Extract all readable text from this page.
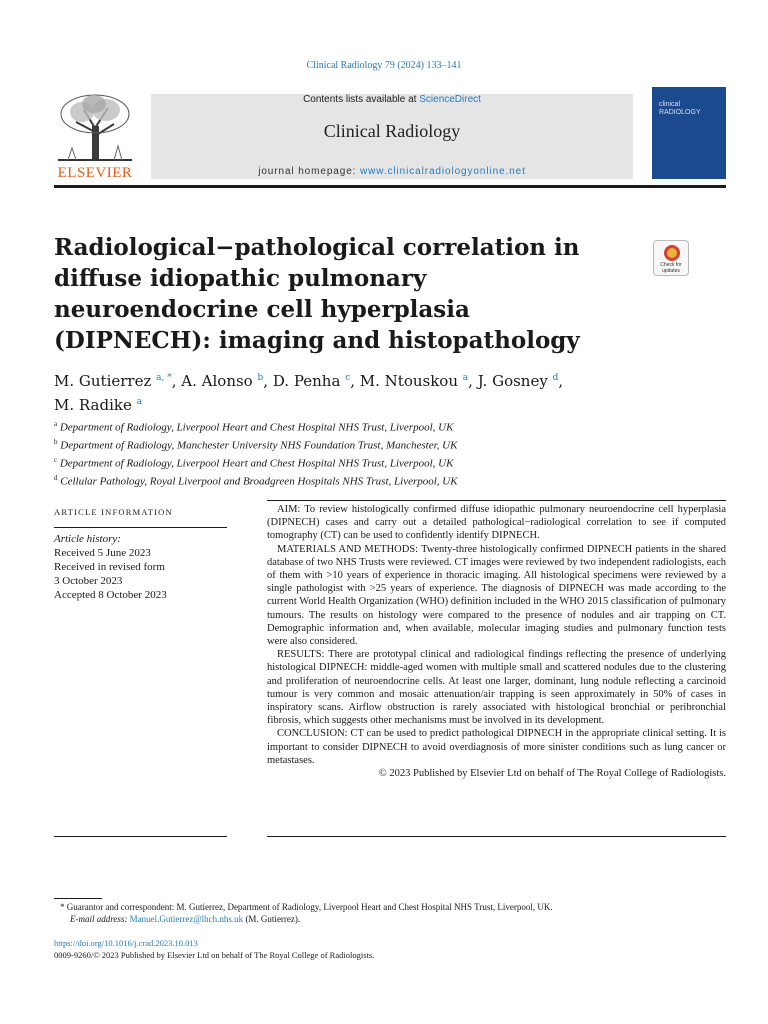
Clinical Radiology 79 (2024) 133–141
ELSEVIER
Contents lists available at ScienceDirect
Clinical Radiology
journal homepage: www.clinicalradiologyonline.net
clinical
RADIOLOGY
Radiological−pathological correlation in diffuse idiopathic pulmonary neuroendocrine cell hyperplasia (DIPNECH): imaging and histopathology
Check for updates
M. Gutierrez $^{a, *}$, A. Alonso $^b$, D. Penha $^c$, M. Ntouskou $^a$, J. Gosney $^d$,
M. Radike $^a$
$^a$ Department of Radiology, Liverpool Heart and Chest Hospital NHS Trust, Liverpool, UK
$^b$ Department of Radiology, Manchester University NHS Foundation Trust, Manchester, UK
$^c$ Department of Radiology, Liverpool Heart and Chest Hospital NHS Trust, Liverpool, UK
$^d$ Cellular Pathology, Royal Liverpool and Broadgreen Hospitals NHS Trust, Liverpool, UK
ARTICLE INFORMATION
Article history:
Received 5 June 2023
Received in revised form
3 October 2023
Accepted 8 October 2023

AIM: To review histologically confirmed diffuse idiopathic pulmonary neuroendocrine cell hyperplasia (DIPNECH) cases and carry out a detailed pathological−radiological correlation to see if computed tomography (CT) can be used to confidently identify DIPNECH.

MATERIALS AND METHODS: Twenty-three histologically confirmed DIPNECH patients in the shared database of two NHS Trusts were reviewed. CT images were reviewed by two independent radiologists, each of them with >10 years of experience in thoracic imaging. All histological specimens were reviewed by a single pathologist with >25 years of experience. The diagnosis of DIPNECH was made according to the current World Health Organization (WHO) definition included in the WHO 2015 classification of pulmonary tumours. The results on histology were compared to the presence of nodules and air trapping on CT. Demographic information and, when available, molecular imaging studies and pulmonary function tests were also considered.

RESULTS: There are prototypal clinical and radiological findings reflecting the presence of underlying histological DIPNECH: middle-aged women with multiple small and scattered nodules due to the clustering and proliferation of neuroendocrine cells. At least one larger, dominant, lung nodule reflecting a carcinoid tumour is very common and mosaic attenuation/air trapping is seen approximately in 50% of cases in inspiratory scans. Airflow obstruction is rarely associated with histological bronchial or peribronchial fibrosis, which suggests other mechanisms must be involved in its development.

CONCLUSION: CT can be used to predict pathological DIPNECH in the appropriate clinical setting. It is important to consider DIPNECH to avoid overdiagnosis of more sinister conditions such as lung cancer or metastases.

© 2023 Published by Elsevier Ltd on behalf of The Royal College of Radiologists.

* Guarantor and correspondent: M. Gutierrez, Department of Radiology, Liverpool Heart and Chest Hospital NHS Trust, Liverpool, UK.
E-mail address: Manuel.Gutierrez@lhch.nhs.uk (M. Gutierrez).
https://doi.org/10.1016/j.crad.2023.10.013
0009-9260/© 2023 Published by Elsevier Ltd on behalf of The Royal College of Radiologists.
